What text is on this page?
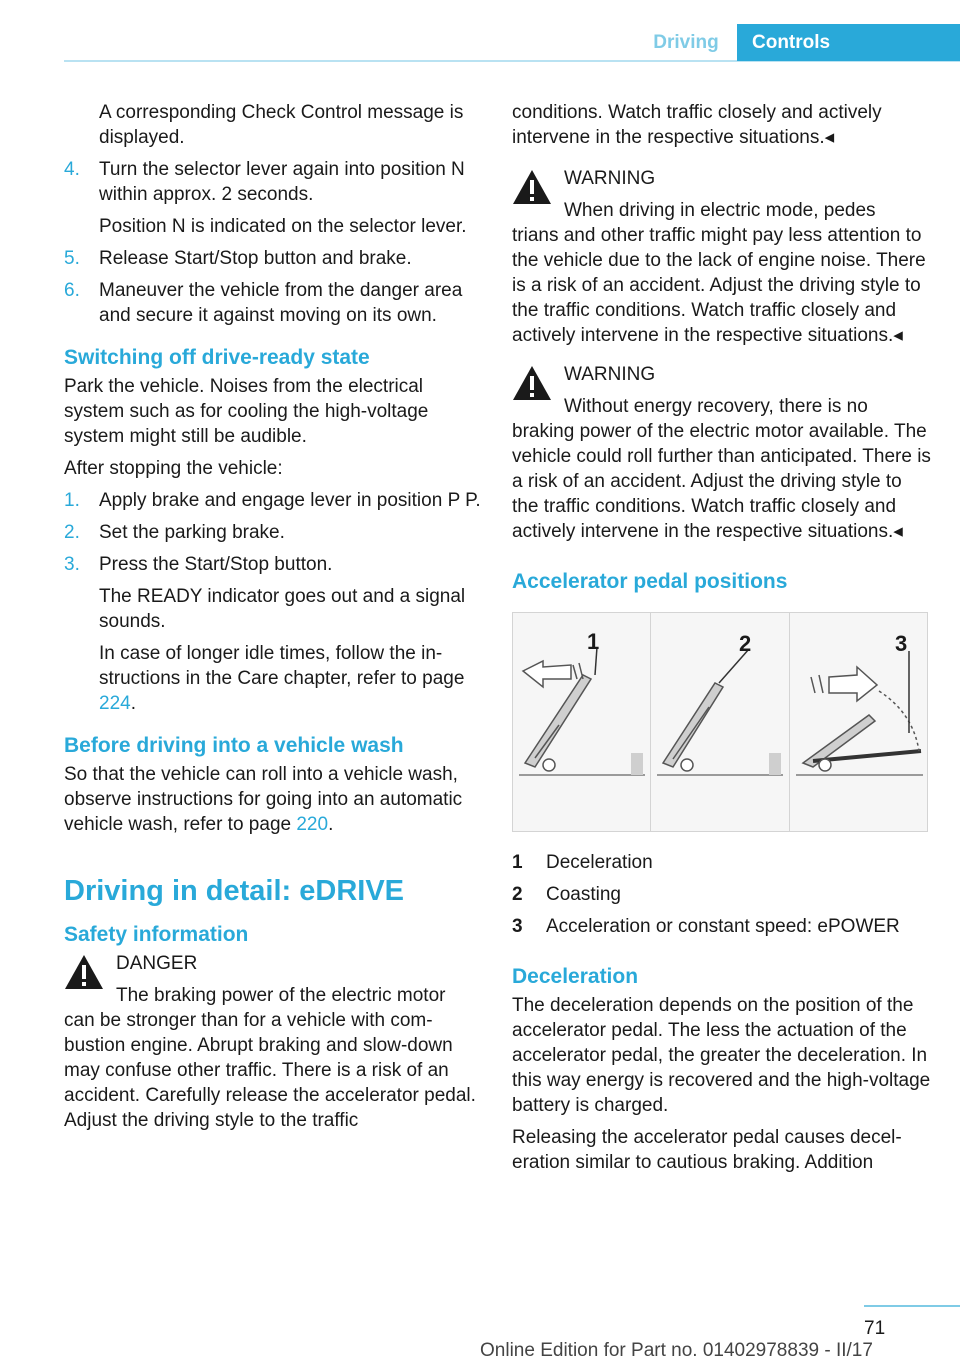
Driving	Controls

A corresponding Check Control message is displayed.

4. Turn the selector lever again into position N within approx. 2 seconds.
Position N is indicated on the selector lever.
5. Release Start/Stop button and brake.
6. Maneuver the vehicle from the danger area and secure it against moving on its own.
Switching off drive-ready state

Park the vehicle. Noises from the electrical system such as for cooling the high-voltage system might still be audible.

After stopping the vehicle:

1. Apply brake and engage lever in position P P.
2. Set the parking brake.
3. Press the Start/Stop button.
The READY indicator goes out and a signal sounds.
In case of longer idle times, follow the instructions in the Care chapter, refer to page 224.
Before driving into a vehicle wash

So that the vehicle can roll into a vehicle wash, observe instructions for going into an automatic vehicle wash, refer to page 220.

Driving in detail: eDRIVE
Safety information
DANGER
The braking power of the electric motor
can be stronger than for a vehicle with combustion engine. Abrupt braking and slow-down may confuse other traffic. There is a risk of an accident. Carefully release the accelerator pedal. Adjust the driving style to the traffic

conditions. Watch traffic closely and actively intervene in the respective situations.◂

WARNING
When driving in electric mode, pedes
trians and other traffic might pay less attention to the vehicle due to the lack of engine noise. There is a risk of an accident. Adjust the driving style to the traffic conditions. Watch traffic closely and actively intervene in the respective situations.◂
WARNING
Without energy recovery, there is no
braking power of the electric motor available. The vehicle could roll further than anticipated. There is a risk of an accident. Adjust the driving style to the traffic conditions. Watch traffic closely and actively intervene in the respective situations.◂
Accelerator pedal positions
1	2	3
1 Deceleration
2 Coasting
3 Acceleration or constant speed: ePOWER
Deceleration

The deceleration depends on the position of the accelerator pedal. The less the actuation of the accelerator pedal, the greater the deceleration. In this way energy is recovered and the high-voltage battery is charged.

Releasing the accelerator pedal causes deceleration similar to cautious braking. Addition

71
Online Edition for Part no. 01402978839 - II/17
